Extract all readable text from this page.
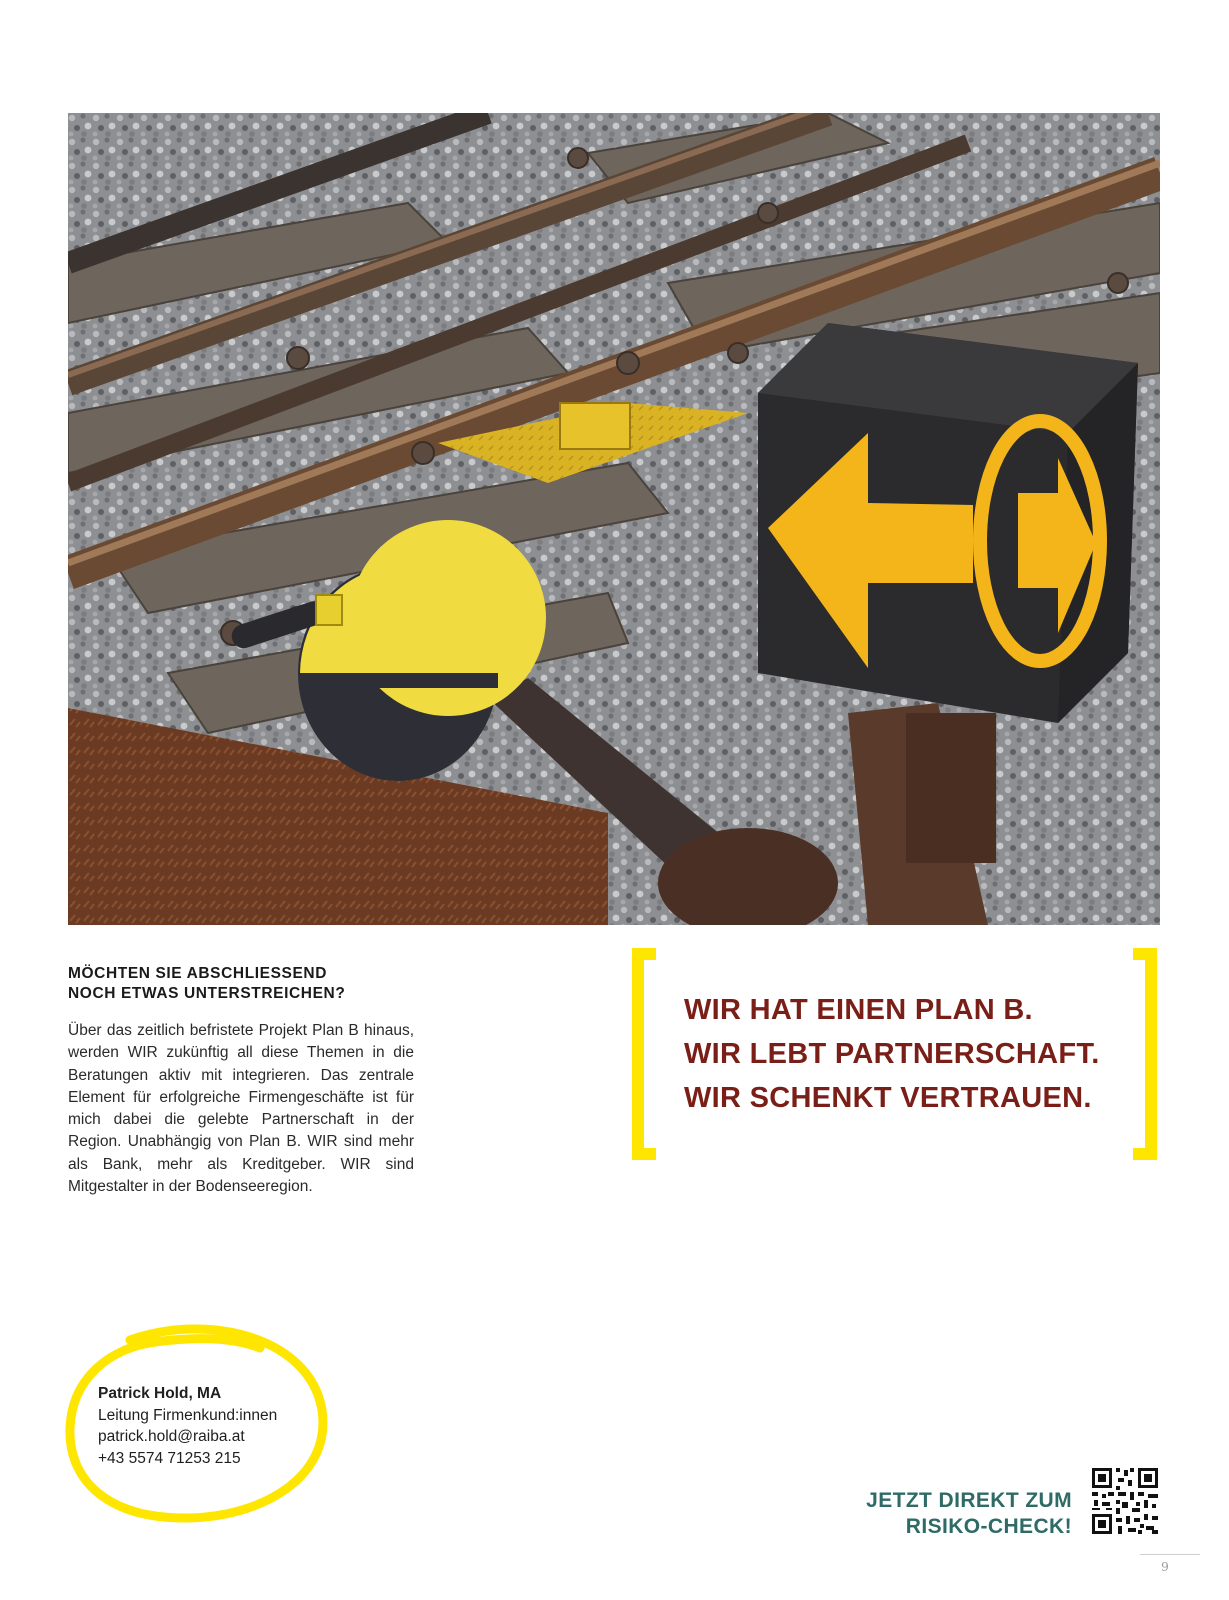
MÖCHTEN SIE ABSCHLIESSEND
NOCH ETWAS UNTERSTREICHEN?

Über das zeitlich befristete Projekt Plan B hinaus, werden WIR zukünftig all diese Themen in die Beratungen aktiv mit integrieren. Das zentrale Element für erfolgreiche Firmengeschäfte ist für mich dabei die gelebte Partnerschaft in der Region. Unabhängig von Plan B. WIR sind mehr als Bank, mehr als Kreditgeber. WIR sind Mitgestalter in der Bodenseeregion.

WIR HAT EINEN PLAN B.
WIR LEBT PARTNERSCHAFT.
WIR SCHENKT VERTRAUEN.
Patrick Hold, MA
Leitung Firmenkund:innen
patrick.hold@raiba.at
+43 5574 71253 215
JETZT DIREKT ZUM
RISIKO-CHECK!
9
